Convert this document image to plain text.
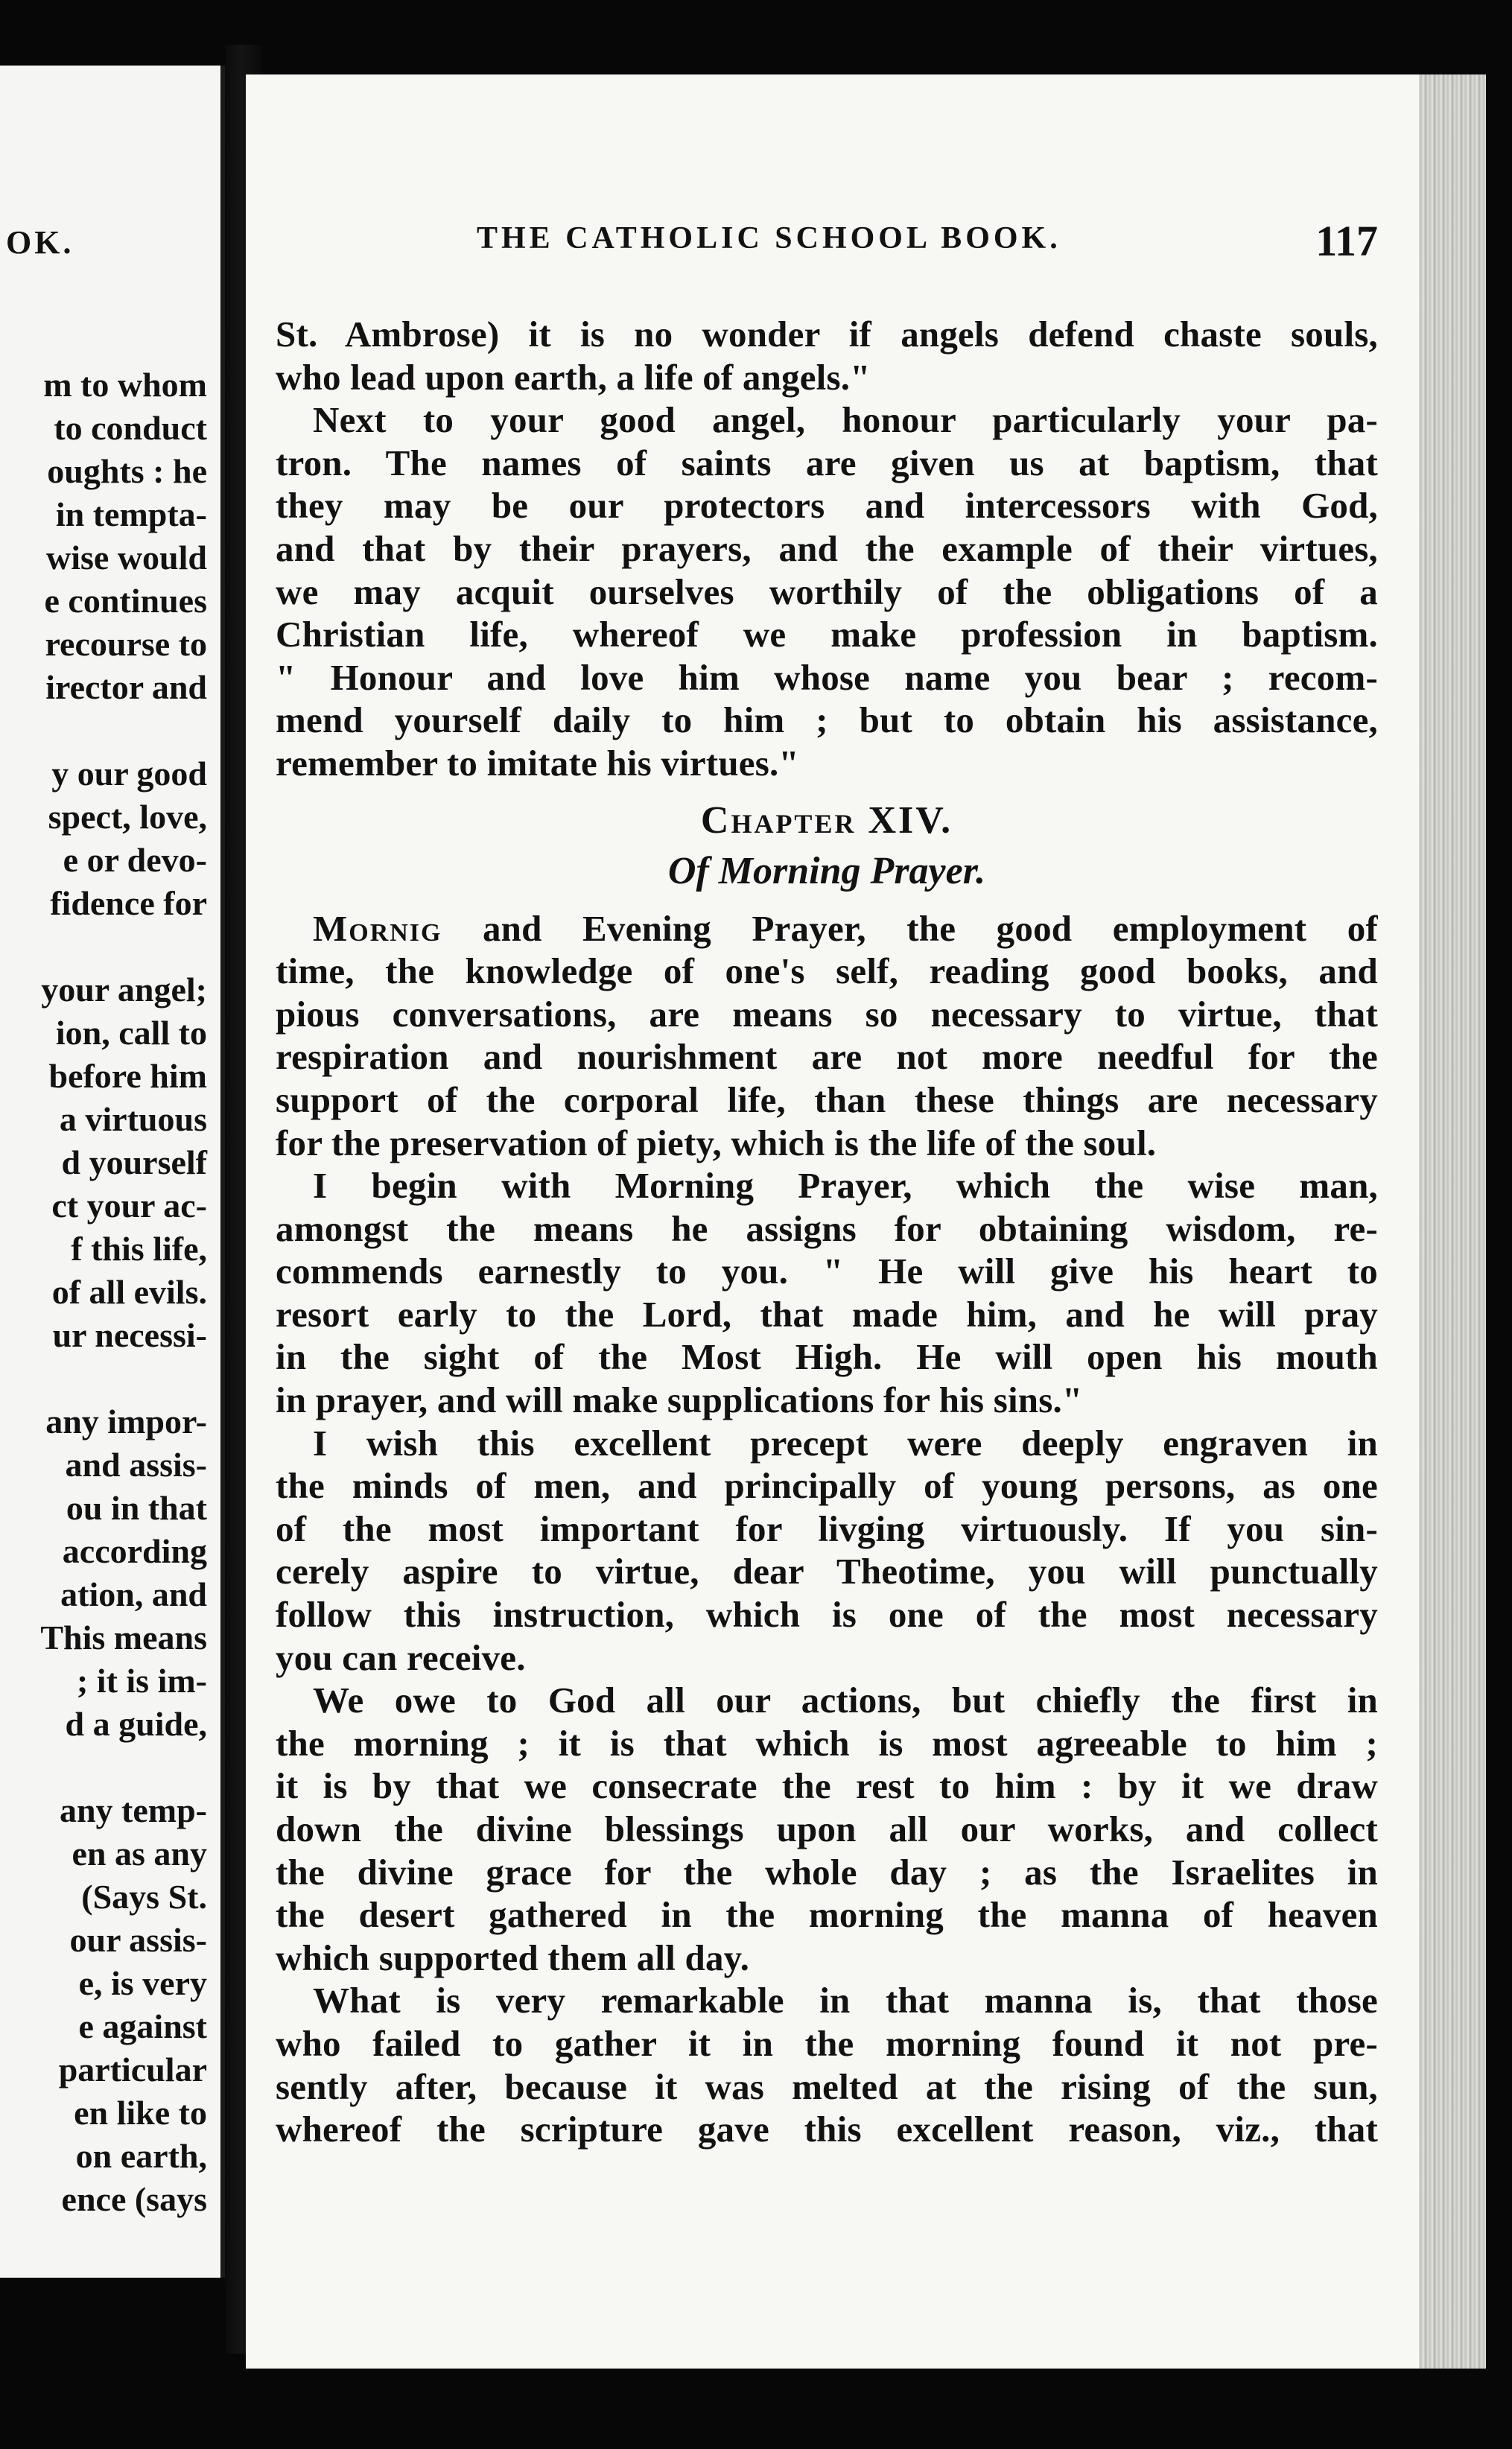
OK.
m to whom
to conduct
oughts : he
in tempta-
wise would
e continues
recourse to
irector and
y our good
spect, love,
e or devo-
fidence for
your angel;
ion, call to
before him
a virtuous
d yourself
ct your ac-
f this life,
of all evils.
ur necessi-
any impor-
and assis-
ou in that
according
ation, and
This means
; it is im-
d a guide,
any temp-
en as any
(Says St.
our assis-
e, is very
e against
particular
en like to
on earth,
ence (says
THE CATHOLIC SCHOOL BOOK.	117
St. Ambrose) it is no wonder if angels defend chaste souls,
who lead upon earth, a life of angels."
Next to your good angel, honour particularly your pa-
tron. The names of saints are given us at baptism, that
they may be our protectors and intercessors with God,
and that by their prayers, and the example of their virtues,
we may acquit ourselves worthily of the obligations of a
Christian life, whereof we make profession in baptism.
" Honour and love him whose name you bear ; recom-
mend yourself daily to him ; but to obtain his assistance,
remember to imitate his virtues."
Chapter XIV.
Of Morning Prayer.
Mornig and Evening Prayer, the good employment of
time, the knowledge of one's self, reading good books, and
pious conversations, are means so necessary to virtue, that
respiration and nourishment are not more needful for the
support of the corporal life, than these things are necessary
for the preservation of piety, which is the life of the soul.
I begin with Morning Prayer, which the wise man,
amongst the means he assigns for obtaining wisdom, re-
commends earnestly to you. " He will give his heart to
resort early to the Lord, that made him, and he will pray
in the sight of the Most High. He will open his mouth
in prayer, and will make supplications for his sins."
I wish this excellent precept were deeply engraven in
the minds of men, and principally of young persons, as one
of the most important for livging virtuously. If you sin-
cerely aspire to virtue, dear Theotime, you will punctually
follow this instruction, which is one of the most necessary
you can receive.
We owe to God all our actions, but chiefly the first in
the morning ; it is that which is most agreeable to him ;
it is by that we consecrate the rest to him : by it we draw
down the divine blessings upon all our works, and collect
the divine grace for the whole day ; as the Israelites in
the desert gathered in the morning the manna of heaven
which supported them all day.
What is very remarkable in that manna is, that those
who failed to gather it in the morning found it not pre-
sently after, because it was melted at the rising of the sun,
whereof the scripture gave this excellent reason, viz., that
